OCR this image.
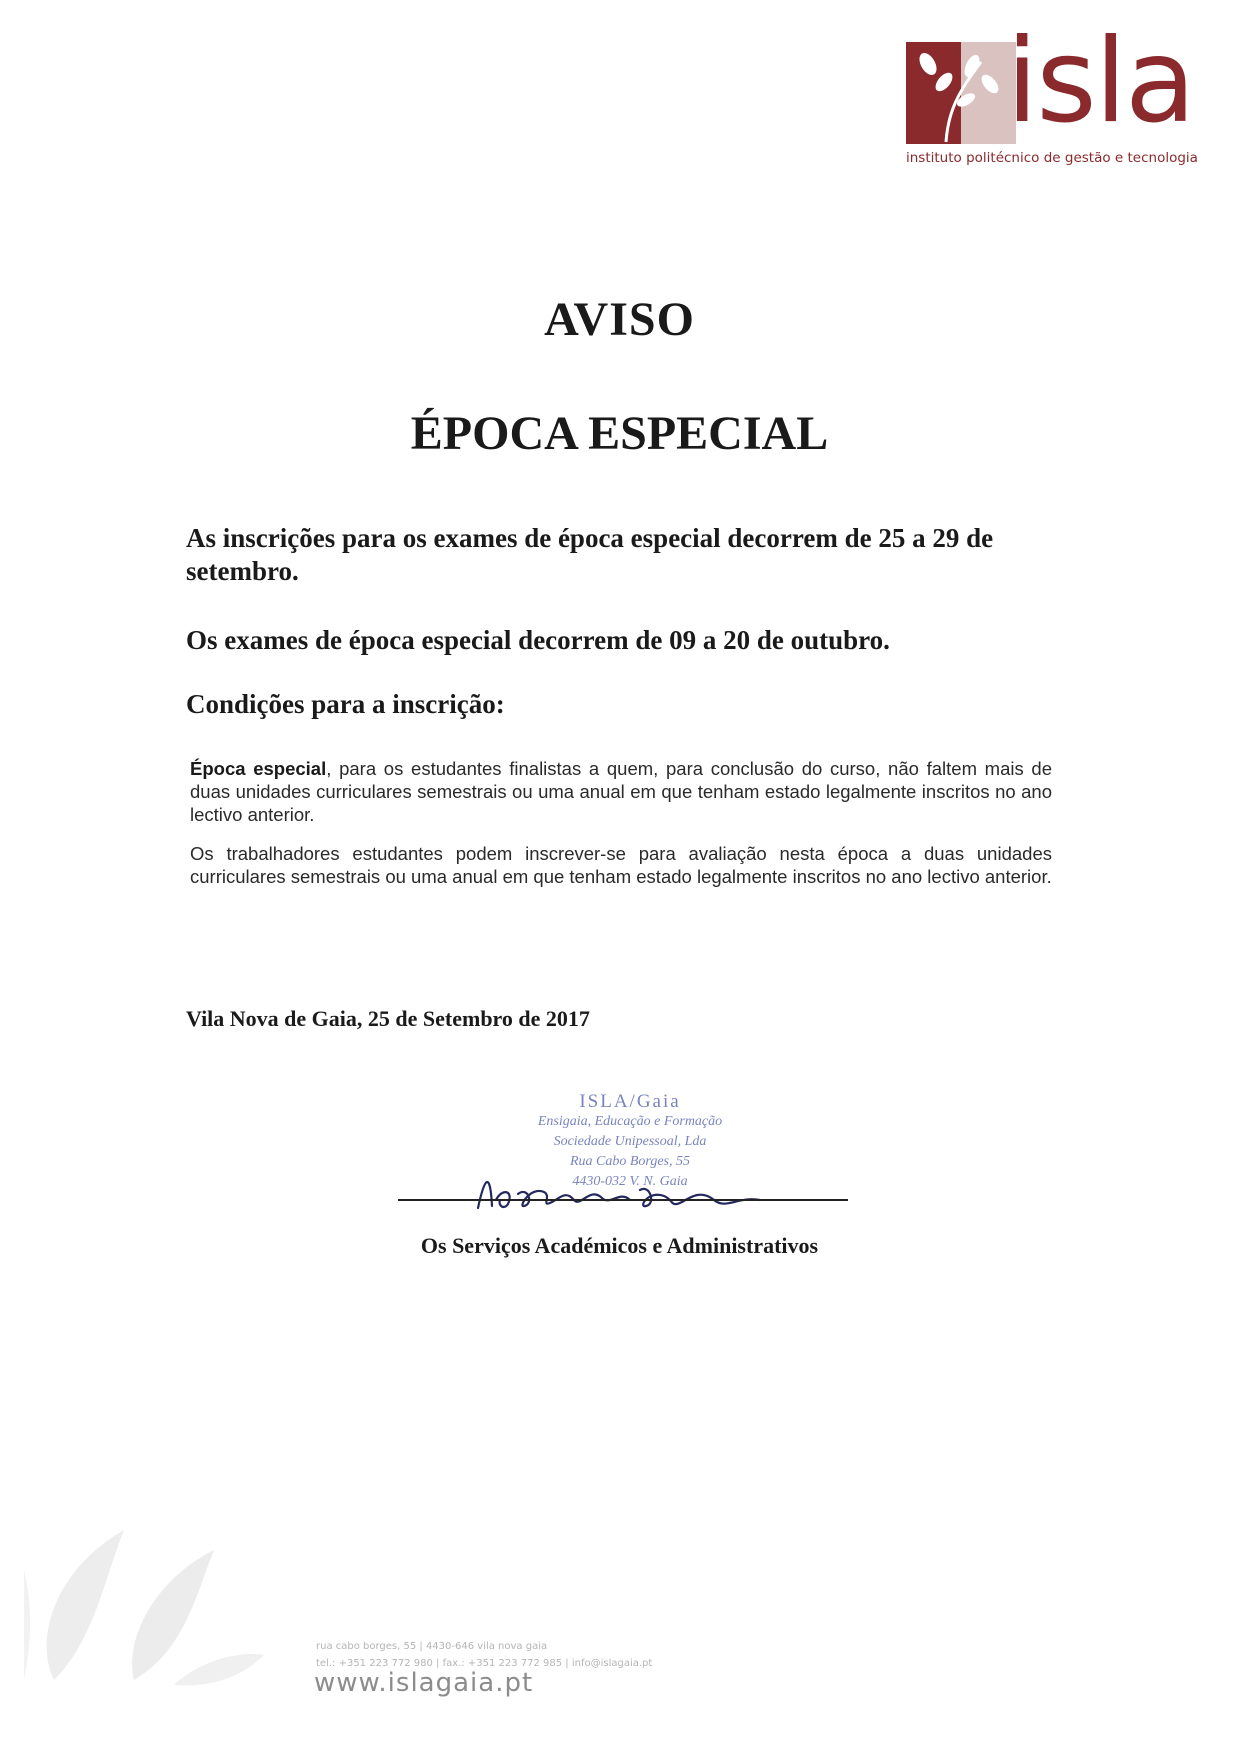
isla
instituto politécnico de gestão e tecnologia
AVISO
ÉPOCA ESPECIAL
As inscrições para os exames de época especial decorrem de 25 a 29 de setembro.
Os exames de época especial decorrem de 09 a 20 de outubro.
Condições para a inscrição:
Época especial, para os estudantes finalistas a quem, para conclusão do curso, não faltem mais de duas unidades curriculares semestrais ou uma anual em que tenham estado legalmente inscritos no ano lectivo anterior.
Os trabalhadores estudantes podem inscrever-se para avaliação nesta época a duas unidades curriculares semestrais ou uma anual em que tenham estado legalmente inscritos no ano lectivo anterior.
Vila Nova de Gaia, 25 de Setembro de 2017
ISLA/Gaia
Ensigaia, Educação e Formação
Sociedade Unipessoal, Lda
Rua Cabo Borges, 55
4430-032 V. N. Gaia
Os Serviços Académicos e Administrativos
rua cabo borges, 55 | 4430-646 vila nova gaia
tel.: +351 223 772 980 | fax.: +351 223 772 985 | info@islagaia.pt
www.islagaia.pt
